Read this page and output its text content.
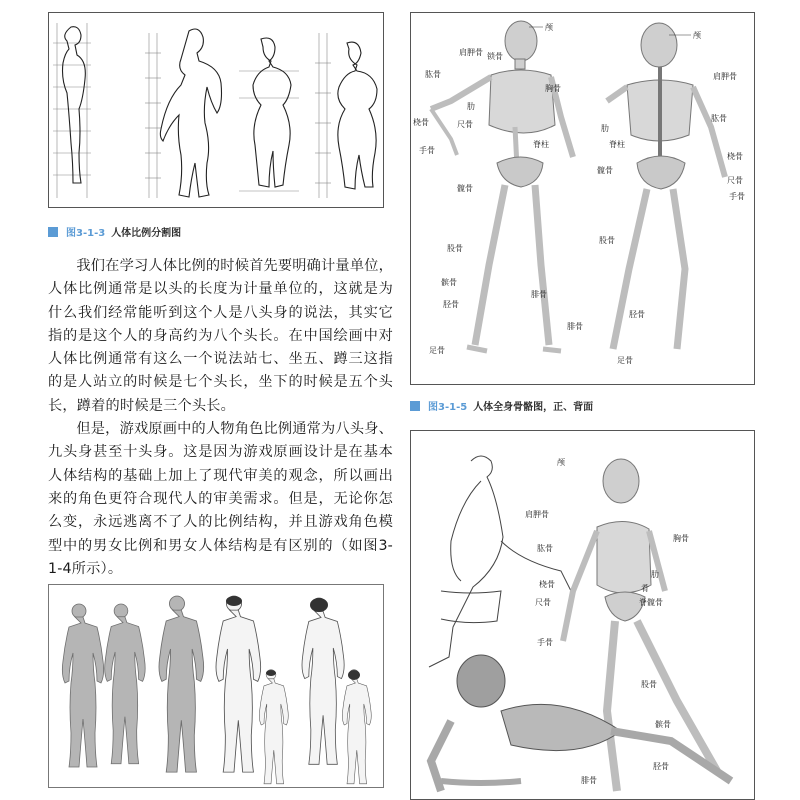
图3-1-3 人体比例分割图

我们在学习人体比例的时候首先要明确计量单位，人体比例通常是以头的长度为计量单位的，这就是为什么我们经常能听到这个人是八头身的说法，其实它指的是这个人的身高约为八个头长。在中国绘画中对人体比例通常有这么一个说法站七、坐五、蹲三这指的是人站立的时候是七个头长，坐下的时候是五个头长，蹲着的时候是三个头长。

但是，游戏原画中的人物角色比例通常为八头身、九头身甚至十头身。这是因为游戏原画设计是在基本人体结构的基础上加上了现代审美的观念，所以画出来的角色更符合现代人的审美需求。但是，无论你怎么变，永远逃离不了人的比例结构，并且游戏角色模型中的男女比例和男女人体结构是有区别的（如图3-1-4所示）。

颅
肩胛骨 锁骨
肱骨
胸骨
肋
桡骨	尺骨
脊柱
手骨
髋骨
股骨
髌骨
胫骨
腓骨
足骨
颅
肩胛骨
肱骨
肋
脊柱
桡骨
髋骨
尺骨
手骨
股骨
胫骨
腓骨
足骨
图3-1-5 人体全身骨骼图，正、背面
颅
肩胛骨
胸骨
肱骨
肋
桡骨	肴
尺骨	脊髋骨
手骨
股骨
髌骨
腓骨
胫骨
